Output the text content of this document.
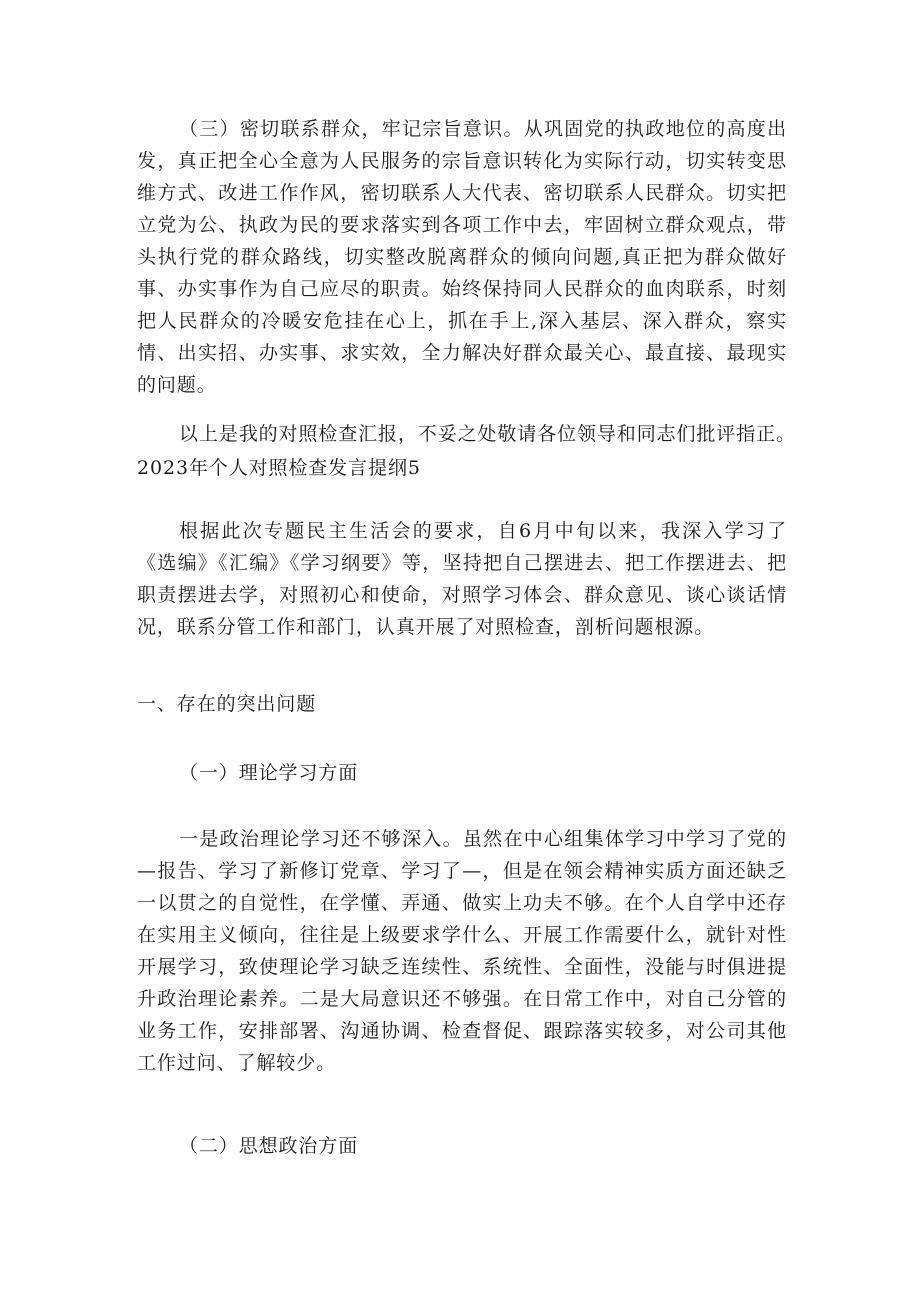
（三）密切联系群众，牢记宗旨意识。从巩固党的执政地位的高度出发，真正把全心全意为人民服务的宗旨意识转化为实际行动，切实转变思维方式、改进工作作风，密切联系人大代表、密切联系人民群众。切实把立党为公、执政为民的要求落实到各项工作中去，牢固树立群众观点，带头执行党的群众路线，切实整改脱离群众的倾向问题,真正把为群众做好事、办实事作为自己应尽的职责。始终保持同人民群众的血肉联系，时刻把人民群众的冷暖安危挂在心上，抓在手上,深入基层、深入群众，察实情、出实招、办实事、求实效，全力解决好群众最关心、最直接、最现实的问题。

以上是我的对照检查汇报，不妥之处敬请各位领导和同志们批评指正。

2023年个人对照检查发言提纲5

根据此次专题民主生活会的要求，自6月中旬以来，我深入学习了《选编》《汇编》《学习纲要》等，坚持把自己摆进去、把工作摆进去、把职责摆进去学，对照初心和使命，对照学习体会、群众意见、谈心谈话情况，联系分管工作和部门，认真开展了对照检查，剖析问题根源。

一、存在的突出问题

（一）理论学习方面

一是政治理论学习还不够深入。虽然在中心组集体学习中学习了党的—报告、学习了新修订党章、学习了—，但是在领会精神实质方面还缺乏一以贯之的自觉性，在学懂、弄通、做实上功夫不够。在个人自学中还存在实用主义倾向，往往是上级要求学什么、开展工作需要什么，就针对性开展学习，致使理论学习缺乏连续性、系统性、全面性，没能与时俱进提升政治理论素养。二是大局意识还不够强。在日常工作中，对自己分管的业务工作，安排部署、沟通协调、检查督促、跟踪落实较多，对公司其他工作过问、了解较少。

（二）思想政治方面
